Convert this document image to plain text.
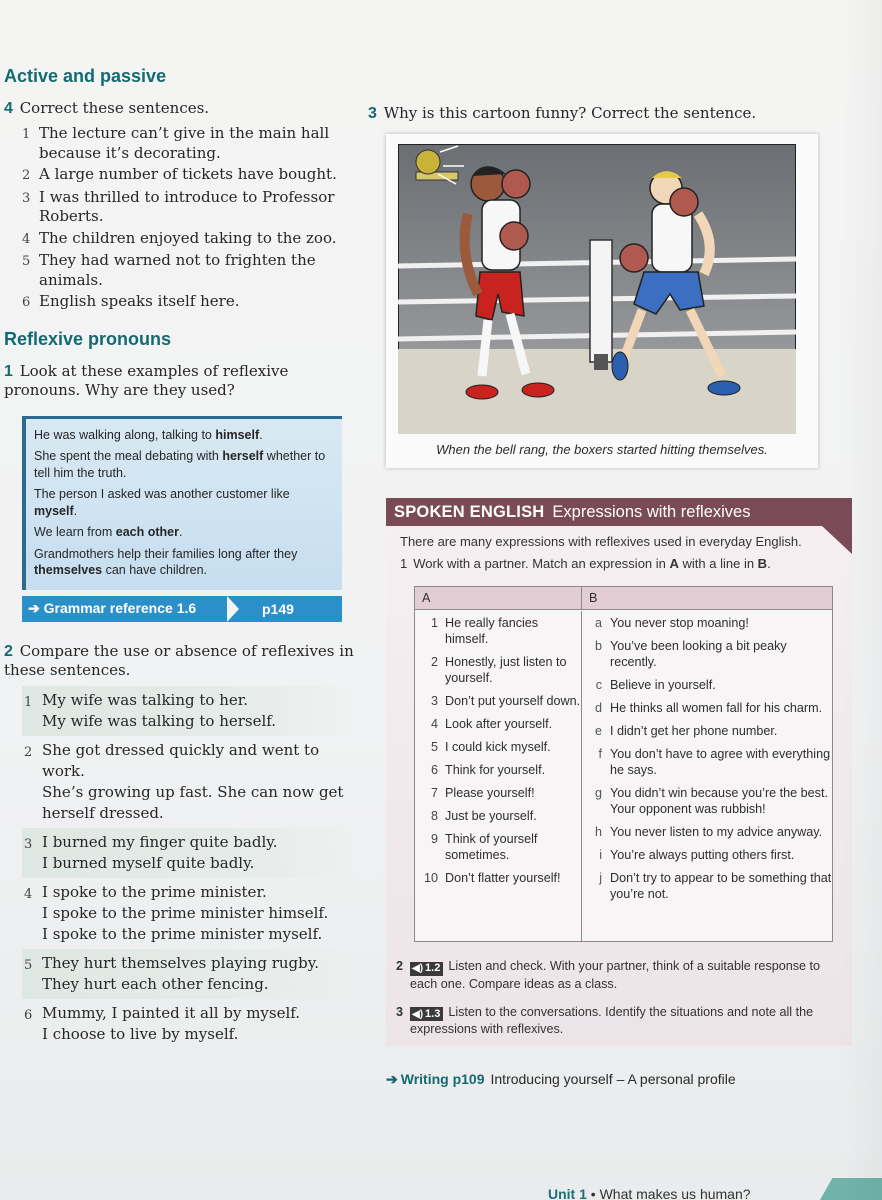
Active and passive
4 Correct these sentences.
1 The lecture can’t give in the main hall because it’s decorating.
2 A large number of tickets have bought.
3 I was thrilled to introduce to Professor Roberts.
4 The children enjoyed taking to the zoo.
5 They had warned not to frighten the animals.
6 English speaks itself here.
Reflexive pronouns
1 Look at these examples of reflexive pronouns. Why are they used?

He was walking along, talking to himself.

She spent the meal debating with herself whether to tell him the truth.

The person I asked was another customer like myself.

We learn from each other.

Grandmothers help their families long after they themselves can have children.

➔ Grammar reference 1.6	p149
2 Compare the use or absence of reflexives in these sentences.
1 My wife was talking to her.
My wife was talking to herself.
2 She got dressed quickly and went to work.
She’s growing up fast. She can now get herself dressed.
3 I burned my finger quite badly.
I burned myself quite badly.
4 I spoke to the prime minister.
I spoke to the prime minister himself.
I spoke to the prime minister myself.
5 They hurt themselves playing rugby.
They hurt each other fencing.
6 Mummy, I painted it all by myself.
I choose to live by myself.
3 Why is this cartoon funny? Correct the sentence.
When the bell rang, the boxers started hitting themselves.
SPOKEN ENGLISH Expressions with reflexives
There are many expressions with reflexives used in everyday English.
1 Work with a partner. Match an expression in A with a line in B.
A	B
1 He really fancies himself.
2 Honestly, just listen to yourself.
3 Don’t put yourself down.
4 Look after yourself.
5 I could kick myself.
6 Think for yourself.
7 Please yourself!
8 Just be yourself.
9 Think of yourself sometimes.
10 Don’t flatter yourself!
a You never stop moaning!
b You’ve been looking a bit peaky recently.
c Believe in yourself.
d He thinks all women fall for his charm.
e I didn’t get her phone number.
f You don’t have to agree with everything he says.
g You didn’t win because you’re the best. Your opponent was rubbish!
h You never listen to my advice anyway.
i You’re always putting others first.
j Don’t try to appear to be something that you’re not.
2 ◀) 1.2 Listen and check. With your partner, think of a suitable response to each one. Compare ideas as a class.
3 ◀) 1.3 Listen to the conversations. Identify the situations and note all the expressions with reflexives.
➔ Writing p109 Introducing yourself – A personal profile
Unit 1 • What makes us human?
